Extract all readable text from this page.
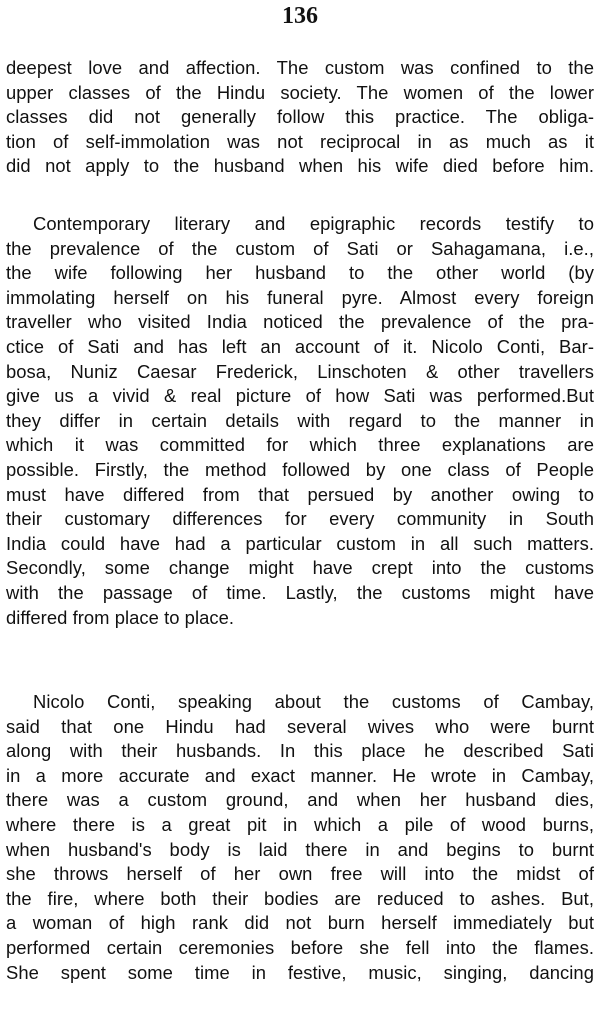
136

deepest love and affection. The custom was confined to the
upper classes of the Hindu society. The women of the lower
classes did not generally follow this practice. The obliga-
tion of self-immolation was not reciprocal in as much as it
did not apply to the husband when his wife died before him.

Contemporary literary and epigraphic records testify to
the prevalence of the custom of Sati or Sahagamana, i.e.,
the wife following her husband to the other world (by
immolating herself on his funeral pyre. Almost every foreign
traveller who visited India noticed the prevalence of the pra-
ctice of Sati and has left an account of it. Nicolo Conti, Bar-
bosa, Nuniz Caesar Frederick, Linschoten & other travellers
give us a vivid & real picture of how Sati was performed.But
they differ in certain details with regard to the manner in
which it was committed for which three explanations are
possible. Firstly, the method followed by one class of People
must have differed from that persued by another owing to
their customary differences for every community in South
India could have had a particular custom in all such matters.
Secondly, some change might have crept into the customs
with the passage of time. Lastly, the customs might have
differed from place to place.

Nicolo Conti, speaking about the customs of Cambay,
said that one Hindu had several wives who were burnt
along with their husbands. In this place he described Sati
in a more accurate and exact manner. He wrote in Cambay,
there was a custom ground, and when her husband dies,
where there is a great pit in which a pile of wood burns,
when husband's body is laid there in and begins to burnt
she throws herself of her own free will into the midst of
the fire, where both their bodies are reduced to ashes. But,
a woman of high rank did not burn herself immediately but
performed certain ceremonies before she fell into the flames.
She spent some time in festive, music, singing, dancing
